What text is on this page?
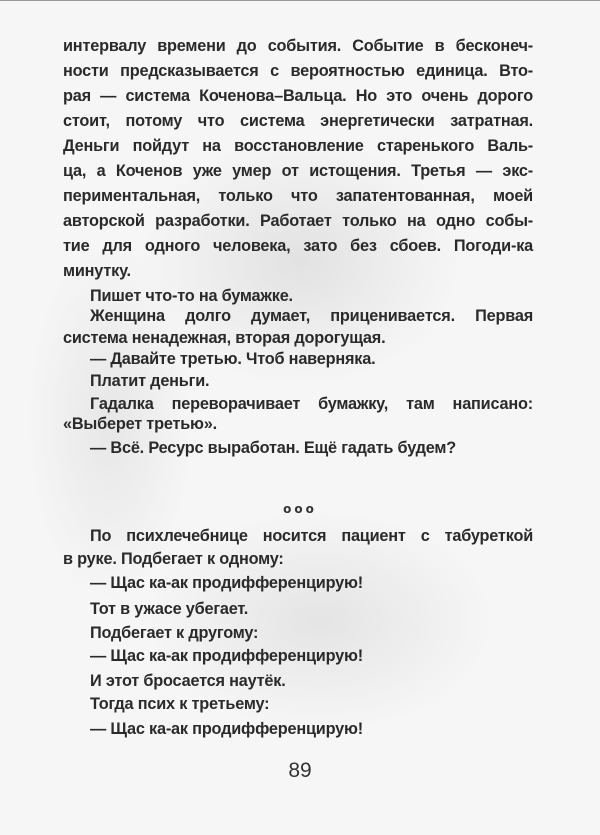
интервалу времени до события. Событие в бесконеч-
ности предсказывается с вероятностью единица. Вто-
рая — система Коченова–Вальца. Но это очень дорого
стоит, потому что система энергетически затратная.
Деньги пойдут на восстановление старенького Валь-
ца, а Коченов уже умер от истощения. Третья — экс-
периментальная, только что запатентованная, моей
авторской разработки. Работает только на одно собы-
тие для одного человека, зато без сбоев. Погоди-ка
минутку.
Пишет что-то на бумажке.
Женщина долго думает, прицениваeтся. Первая
система ненадежная, вторая дорогущая.
— Давайте третью. Чтоб наверняка.
Платит деньги.
Гадалка переворачивает бумажку, там написано:
«Выберет третью».
— Всё. Ресурс выработан. Ещё гадать будем?
По психлечебнице носится пациент с табуреткой
в руке. Подбегает к одному:
— Щас ка-ак продифференцирую!
Тот в ужасе убегает.
Подбегает к другому:
— Щас ка-ак продифференцирую!
И этот бросается наутёк.
Тогда псих к третьему:
— Щас ка-ак продифференцирую!
ooo
89
